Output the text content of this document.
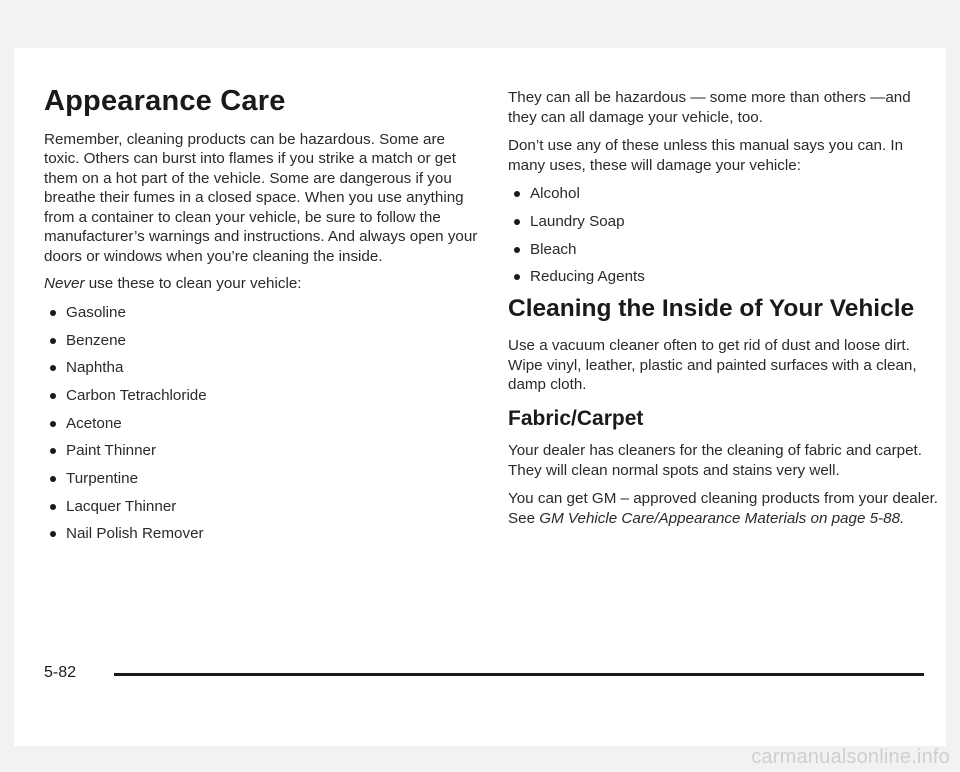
Appearance Care

Remember, cleaning products can be hazardous. Some are toxic. Others can burst into flames if you strike a match or get them on a hot part of the vehicle. Some are dangerous if you breathe their fumes in a closed space. When you use anything from a container to clean your vehicle, be sure to follow the manufacturer’s warnings and instructions. And always open your doors or windows when you’re cleaning the inside.

Never use these to clean your vehicle:

Gasoline
Benzene
Naphtha
Carbon Tetrachloride
Acetone
Paint Thinner
Turpentine
Lacquer Thinner
Nail Polish Remover

They can all be hazardous — some more than others —and they can all damage your vehicle, too.

Don’t use any of these unless this manual says you can. In many uses, these will damage your vehicle:

Alcohol
Laundry Soap
Bleach
Reducing Agents
Cleaning the Inside of Your Vehicle

Use a vacuum cleaner often to get rid of dust and loose dirt. Wipe vinyl, leather, plastic and painted surfaces with a clean, damp cloth.

Fabric/Carpet

Your dealer has cleaners for the cleaning of fabric and carpet. They will clean normal spots and stains very well.

You can get GM – approved cleaning products from your dealer. See GM Vehicle Care/Appearance Materials on page 5-88.

5-82
carmanualsonline.info
